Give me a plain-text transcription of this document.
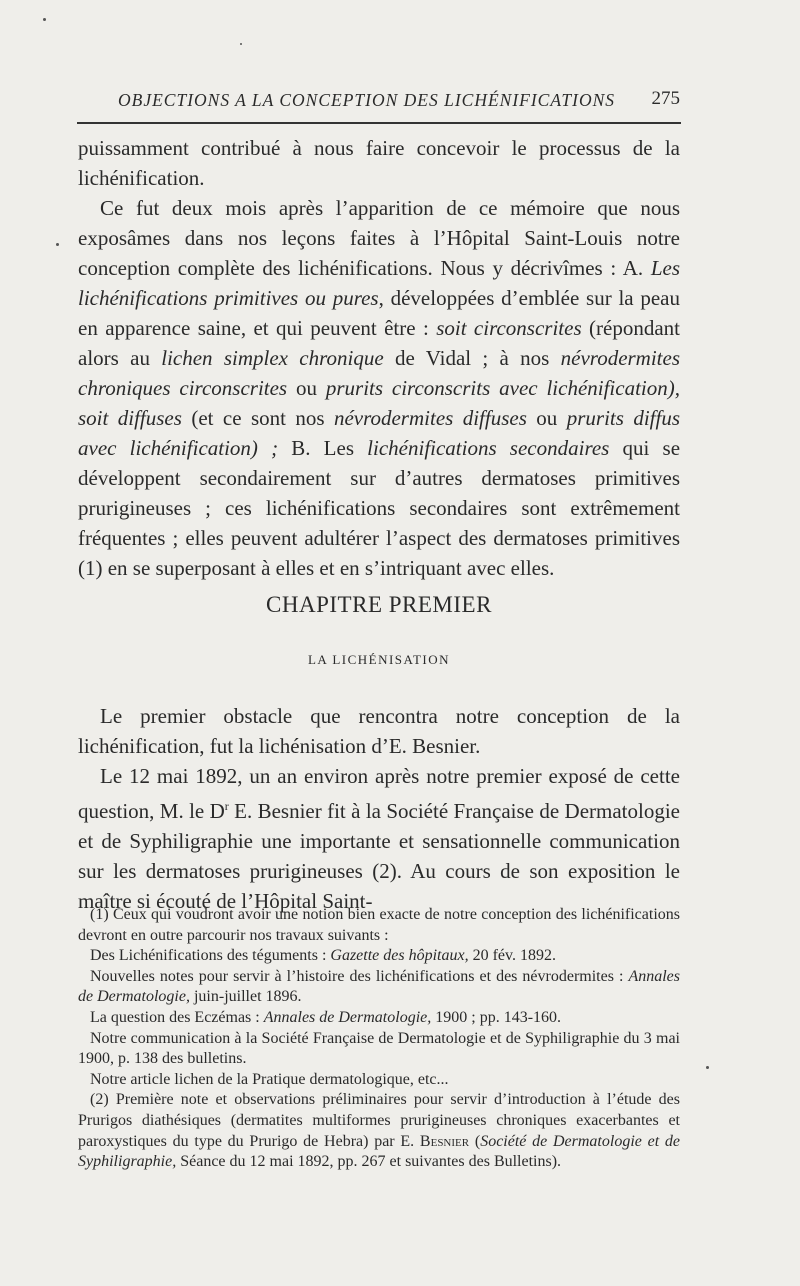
OBJECTIONS A LA CONCEPTION DES LICHÉNIFICATIONS 275

puissamment contribué à nous faire concevoir le processus de la lichénification.

Ce fut deux mois après l’apparition de ce mémoire que nous exposâmes dans nos leçons faites à l’Hôpital Saint-Louis notre conception complète des lichénifications. Nous y décrivîmes : A. Les lichénifications primitives ou pures, développées d’emblée sur la peau en apparence saine, et qui peuvent être : soit circonscrites (répondant alors au lichen simplex chronique de Vidal ; à nos névrodermites chroniques circonscrites ou prurits circonscrits avec lichénification), soit diffuses (et ce sont nos névrodermites diffuses ou prurits diffus avec lichénification) ; B. Les lichénifications secondaires qui se développent secondairement sur d’autres dermatoses primitives prurigineuses ; ces lichénifications secondaires sont extrêmement fréquentes ; elles peuvent adultérer l’aspect des dermatoses primitives (1) en se superposant à elles et en s’intriquant avec elles.

CHAPITRE PREMIER
LA LICHÉNISATION

Le premier obstacle que rencontra notre conception de la lichénification, fut la lichénisation d’E. Besnier.

Le 12 mai 1892, un an environ après notre premier exposé de cette question, M. le $D^r$ E. Besnier fit à la Société Française de Dermatologie et de Syphiligraphie une importante et sensationnelle communication sur les dermatoses prurigineuses (2). Au cours de son exposition le maître si écouté de l’Hôpital Saint-

(1) Ceux qui voudront avoir une notion bien exacte de notre conception des lichénifications devront en outre parcourir nos travaux suivants :

Des Lichénifications des téguments : Gazette des hôpitaux, 20 fév. 1892.

Nouvelles notes pour servir à l’histoire des lichénifications et des névrodermites : Annales de Dermatologie, juin-juillet 1896.

La question des Eczémas : Annales de Dermatologie, 1900 ; pp. 143-160.

Notre communication à la Société Française de Dermatologie et de Syphiligraphie du 3 mai 1900, p. 138 des bulletins.

Notre article lichen de la Pratique dermatologique, etc...

(2) Première note et observations préliminaires pour servir d’introduction à l’étude des Prurigos diathésiques (dermatites multiformes prurigineuses chroniques exacerbantes et paroxystiques du type du Prurigo de Hebra) par E. Besnier (Société de Dermatologie et de Syphiligraphie, Séance du 12 mai 1892, pp. 267 et suivantes des Bulletins).
